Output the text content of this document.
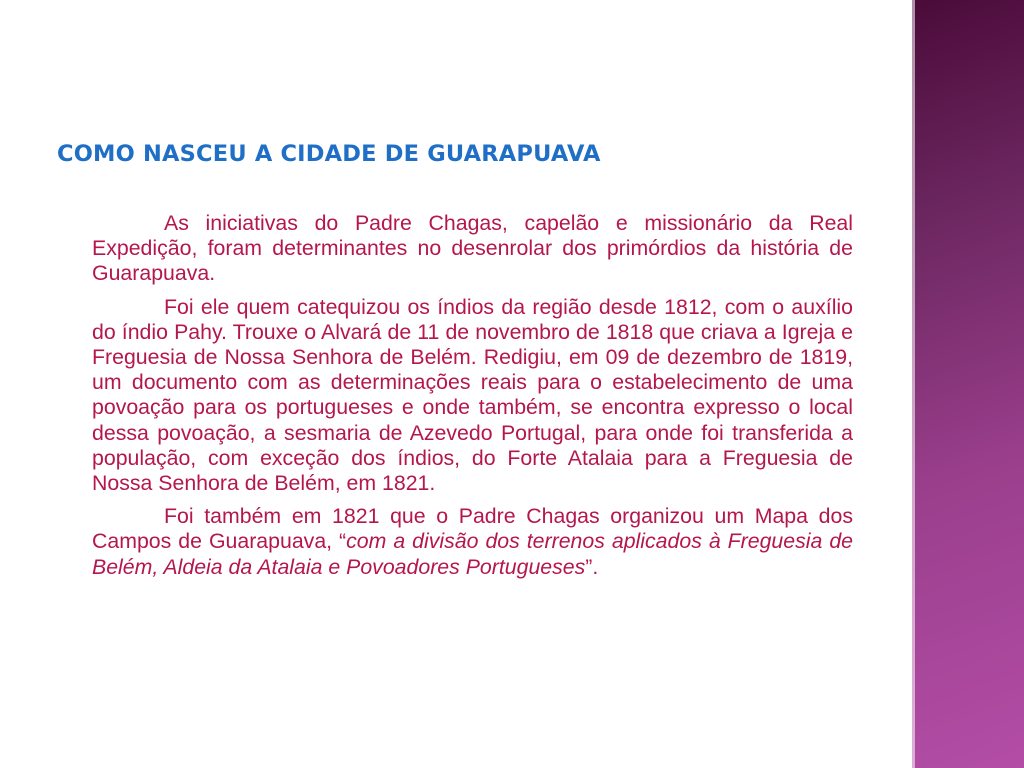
COMO NASCEU A CIDADE DE GUARAPUAVA

As iniciativas do Padre Chagas, capelão e missionário da Real Expedição, foram determinantes no desenrolar dos primórdios da história de Guarapuava.

Foi ele quem catequizou os índios da região desde 1812, com o auxílio do índio Pahy. Trouxe o Alvará de 11 de novembro de 1818 que criava a Igreja e Freguesia de Nossa Senhora de Belém. Redigiu, em 09 de dezembro de 1819, um documento com as determinações reais para o estabelecimento de uma povoação para os portugueses e onde também, se encontra expresso o local dessa povoação, a sesmaria de Azevedo Portugal, para onde foi transferida a população, com exceção dos índios, do Forte Atalaia para a Freguesia de Nossa Senhora de Belém, em 1821.

Foi também em 1821 que o Padre Chagas organizou um Mapa dos Campos de Guarapuava, “com a divisão dos terrenos aplicados à Freguesia de Belém, Aldeia da Atalaia e Povoadores Portugueses”.
